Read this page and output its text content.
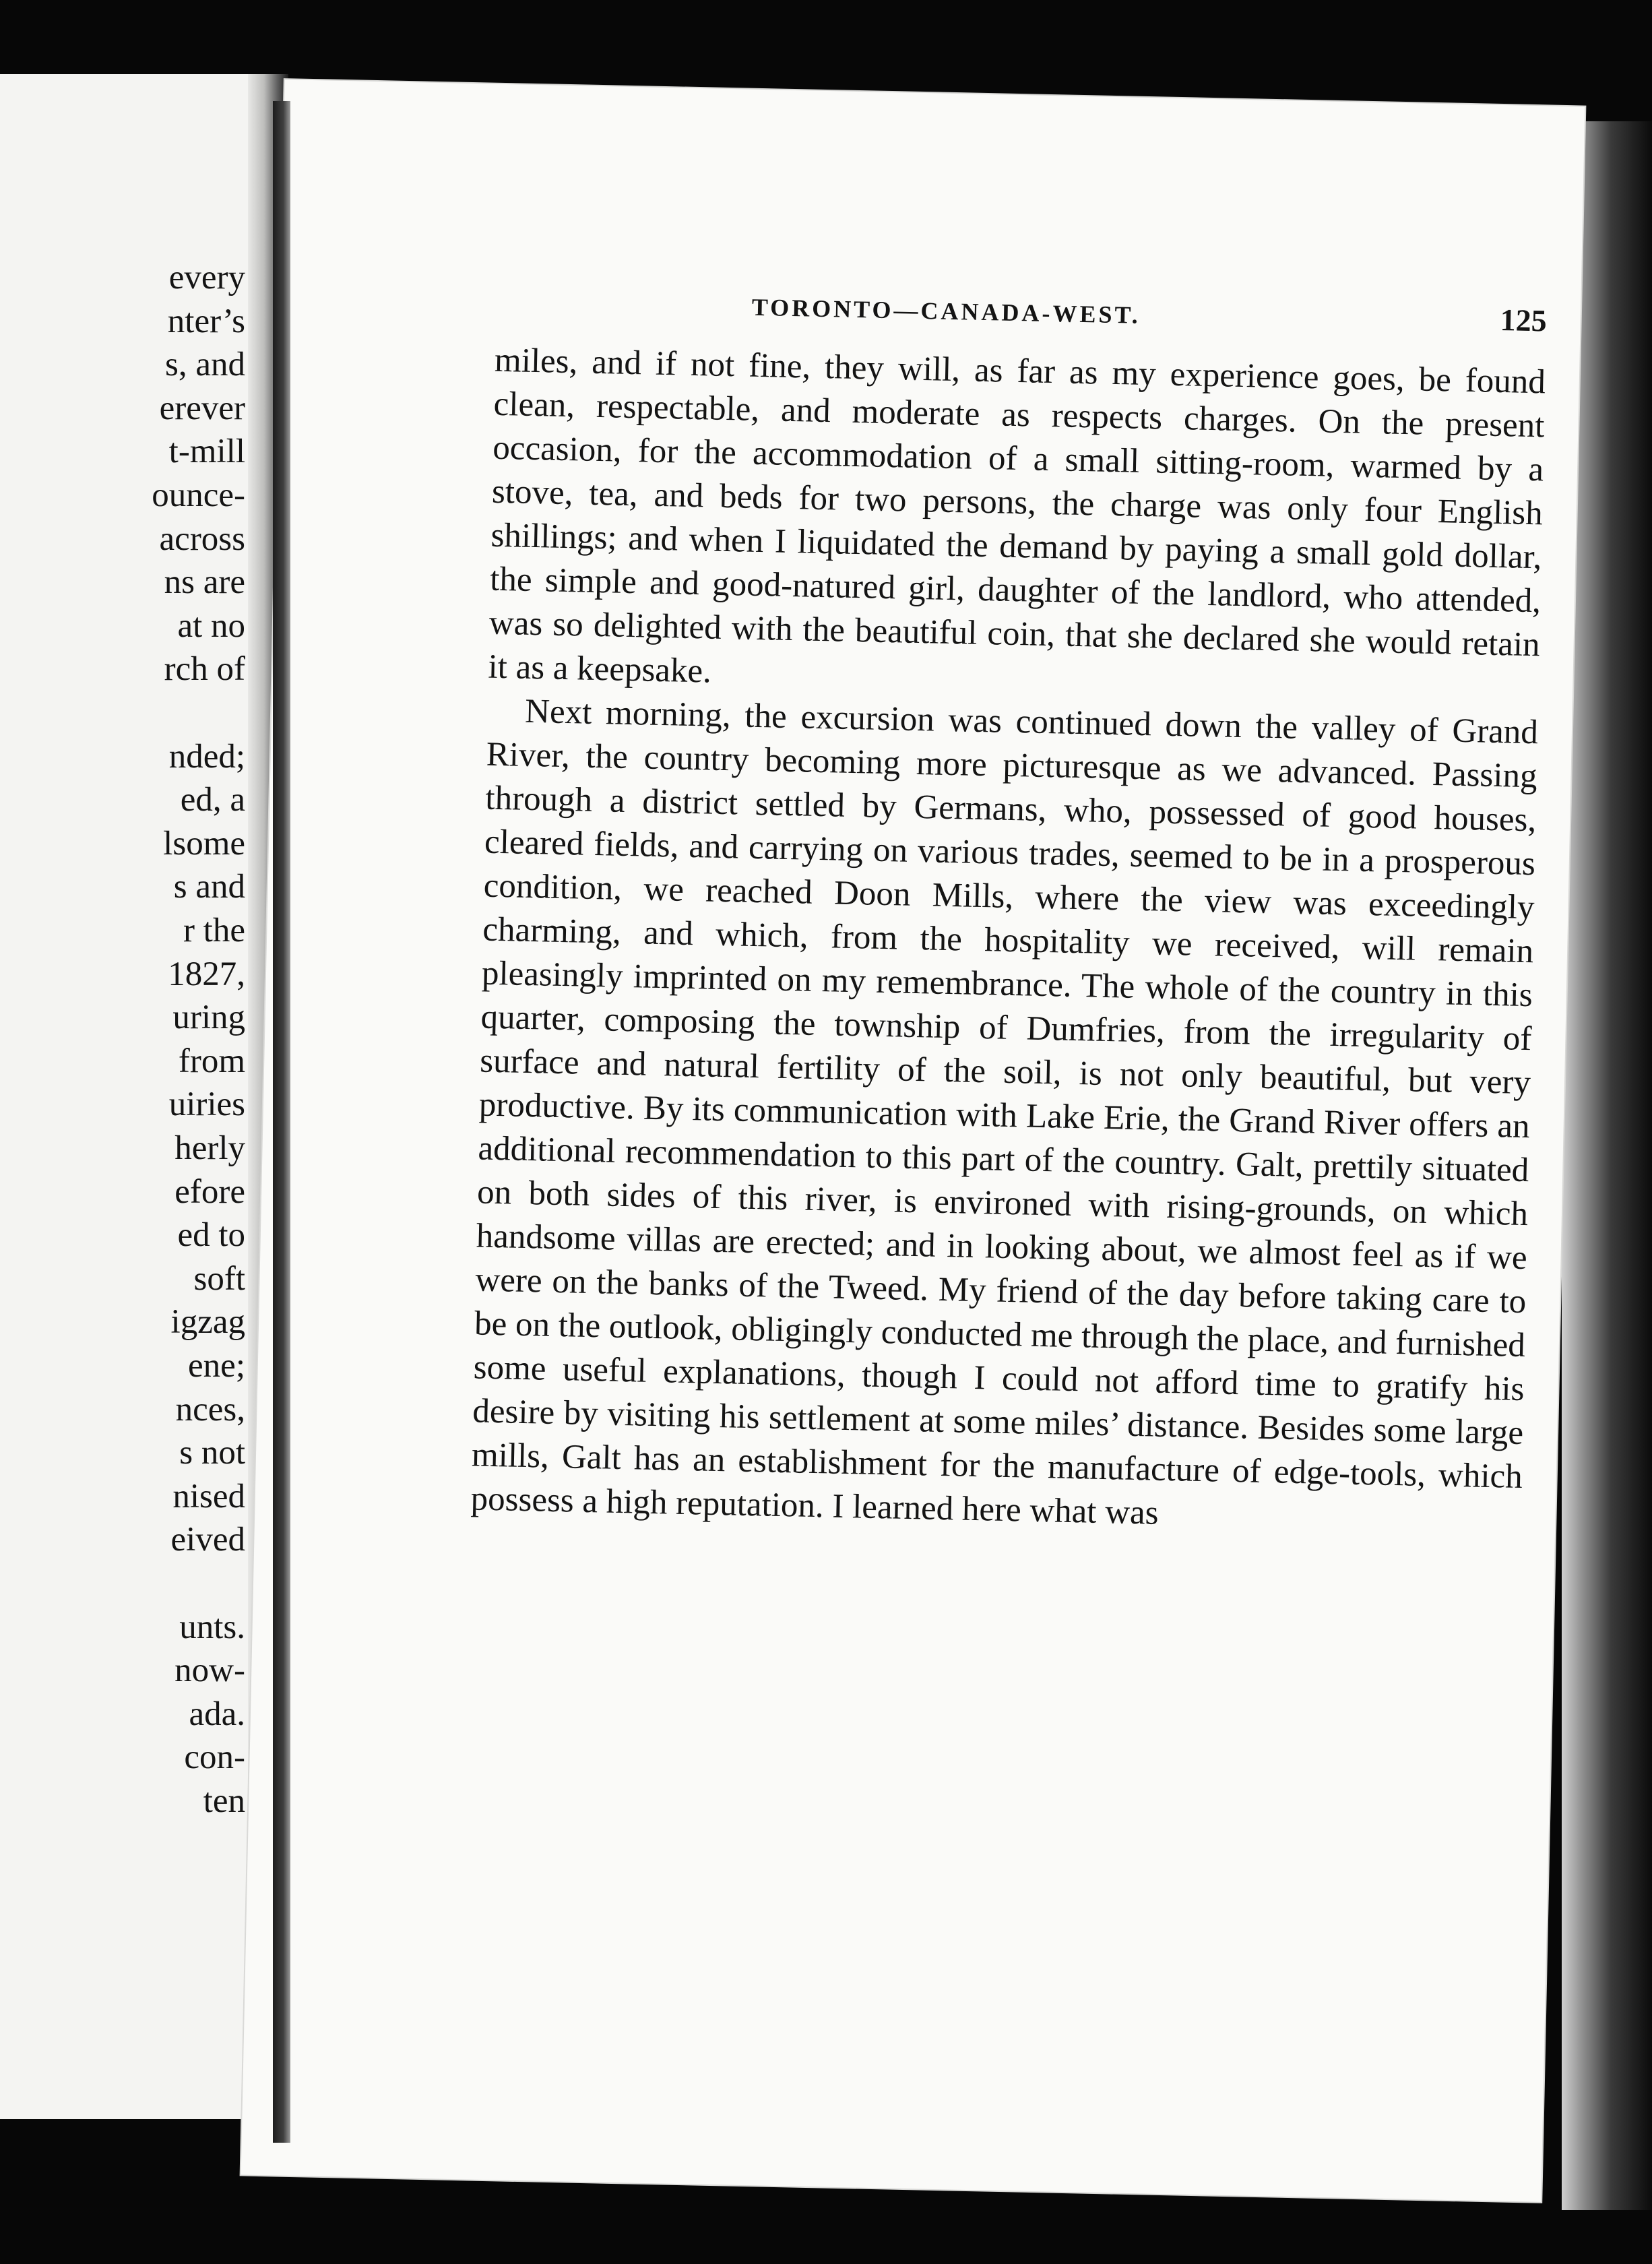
every
nter’s
s, and
erever
t-mill
ounce-
across
ns are
at no
rch of
nded;
ed, a
lsome
s and
r the
1827,
uring
from
uiries
herly
efore
ed to
soft
igzag
ene;
nces,
s not
nised
eived
unts.
now-
ada.
con-
ten
TORONTO—CANADA-WEST.	125

miles, and if not fine, they will, as far as my experience goes, be found clean, respectable, and moderate as respects charges. On the present occasion, for the accommodation of a small sitting-room, warmed by a stove, tea, and beds for two persons, the charge was only four English shillings; and when I liquidated the demand by paying a small gold dollar, the simple and good-natured girl, daughter of the landlord, who attended, was so delighted with the beautiful coin, that she declared she would retain it as a keepsake.

Next morning, the excursion was continued down the valley of Grand River, the country becoming more picturesque as we advanced. Passing through a district settled by Germans, who, possessed of good houses, cleared fields, and carrying on various trades, seemed to be in a prosperous condition, we reached Doon Mills, where the view was exceedingly charming, and which, from the hospitality we received, will remain pleasingly imprinted on my remembrance. The whole of the country in this quarter, composing the township of Dumfries, from the irregularity of surface and natural fertility of the soil, is not only beautiful, but very productive. By its communication with Lake Erie, the Grand River offers an additional recommendation to this part of the country. Galt, prettily situated on both sides of this river, is environed with rising-grounds, on which handsome villas are erected; and in looking about, we almost feel as if we were on the banks of the Tweed. My friend of the day before taking care to be on the outlook, obligingly conducted me through the place, and furnished some useful explanations, though I could not afford time to gratify his desire by visiting his settlement at some miles’ distance. Besides some large mills, Galt has an establishment for the manufacture of edge-tools, which possess a high reputation. I learned here what was
